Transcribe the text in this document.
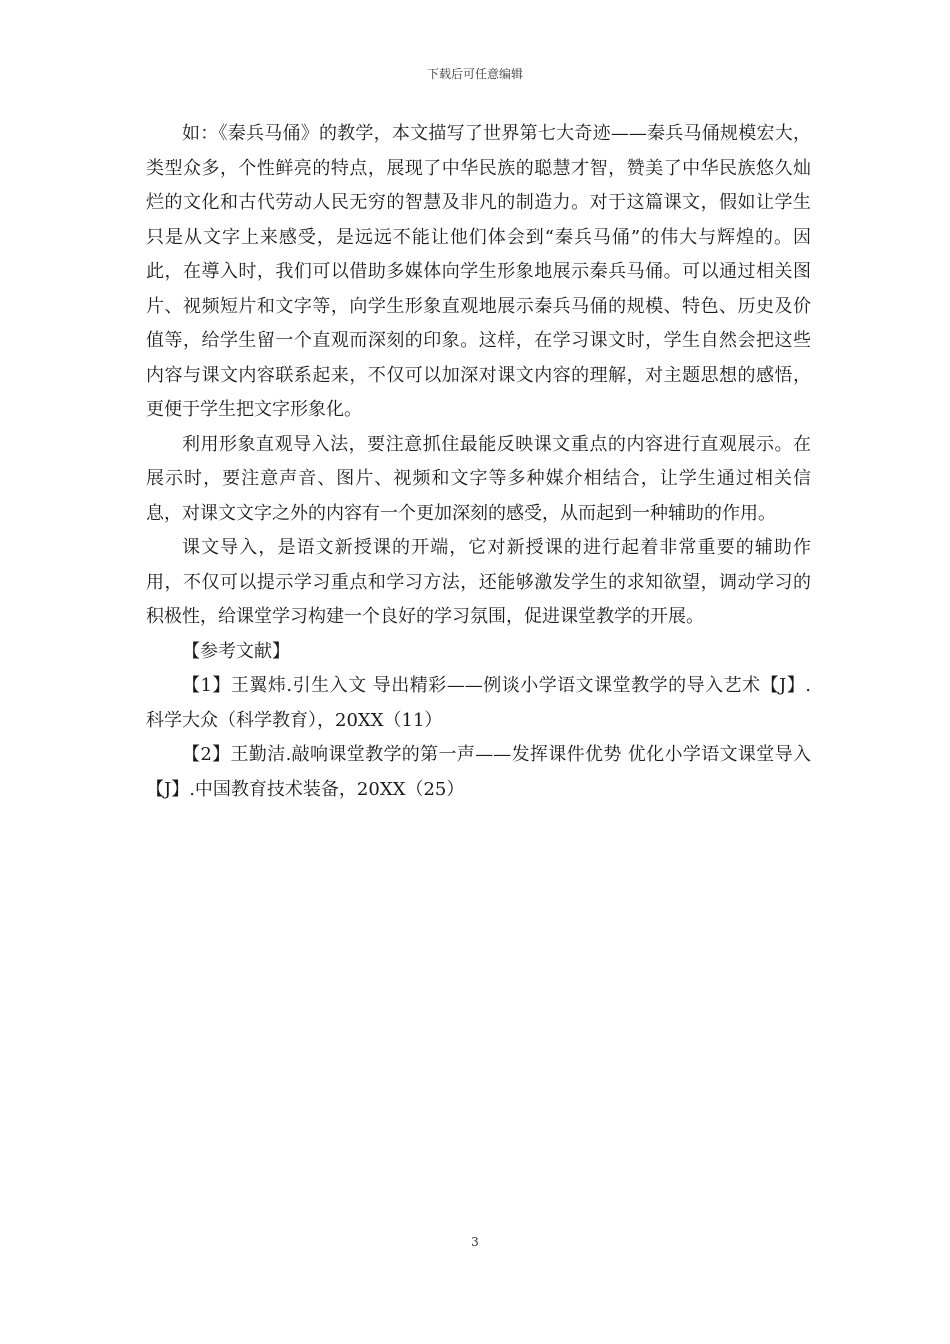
下载后可任意编辑

如：《秦兵马俑》的教学，本文描写了世界第七大奇迹——秦兵马俑规模宏大，类型众多，个性鲜亮的特点，展现了中华民族的聪慧才智，赞美了中华民族悠久灿烂的文化和古代劳动人民无穷的智慧及非凡的制造力。对于这篇课文，假如让学生只是从文字上来感受，是远远不能让他们体会到“秦兵马俑”的伟大与辉煌的。因此，在導入时，我们可以借助多媒体向学生形象地展示秦兵马俑。可以通过相关图片、视频短片和文字等，向学生形象直观地展示秦兵马俑的规模、特色、历史及价值等，给学生留一个直观而深刻的印象。这样，在学习课文时，学生自然会把这些内容与课文内容联系起来，不仅可以加深对课文内容的理解，对主题思想的感悟，更便于学生把文字形象化。

利用形象直观导入法，要注意抓住最能反映课文重点的内容进行直观展示。在展示时，要注意声音、图片、视频和文字等多种媒介相结合，让学生通过相关信息，对课文文字之外的内容有一个更加深刻的感受，从而起到一种辅助的作用。

课文导入，是语文新授课的开端，它对新授课的进行起着非常重要的辅助作用，不仅可以提示学习重点和学习方法，还能够激发学生的求知欲望，调动学习的积极性，给课堂学习构建一个良好的学习氛围，促进课堂教学的开展。

【参考文献】

【1】王翼炜.引生入文 导出精彩——例谈小学语文课堂教学的导入艺术【J】.科学大众（科学教育），20XX（11）

【2】王勤洁.敲响课堂教学的第一声——发挥课件优势 优化小学语文课堂导入【J】.中国教育技术装备，20XX（25）

3
